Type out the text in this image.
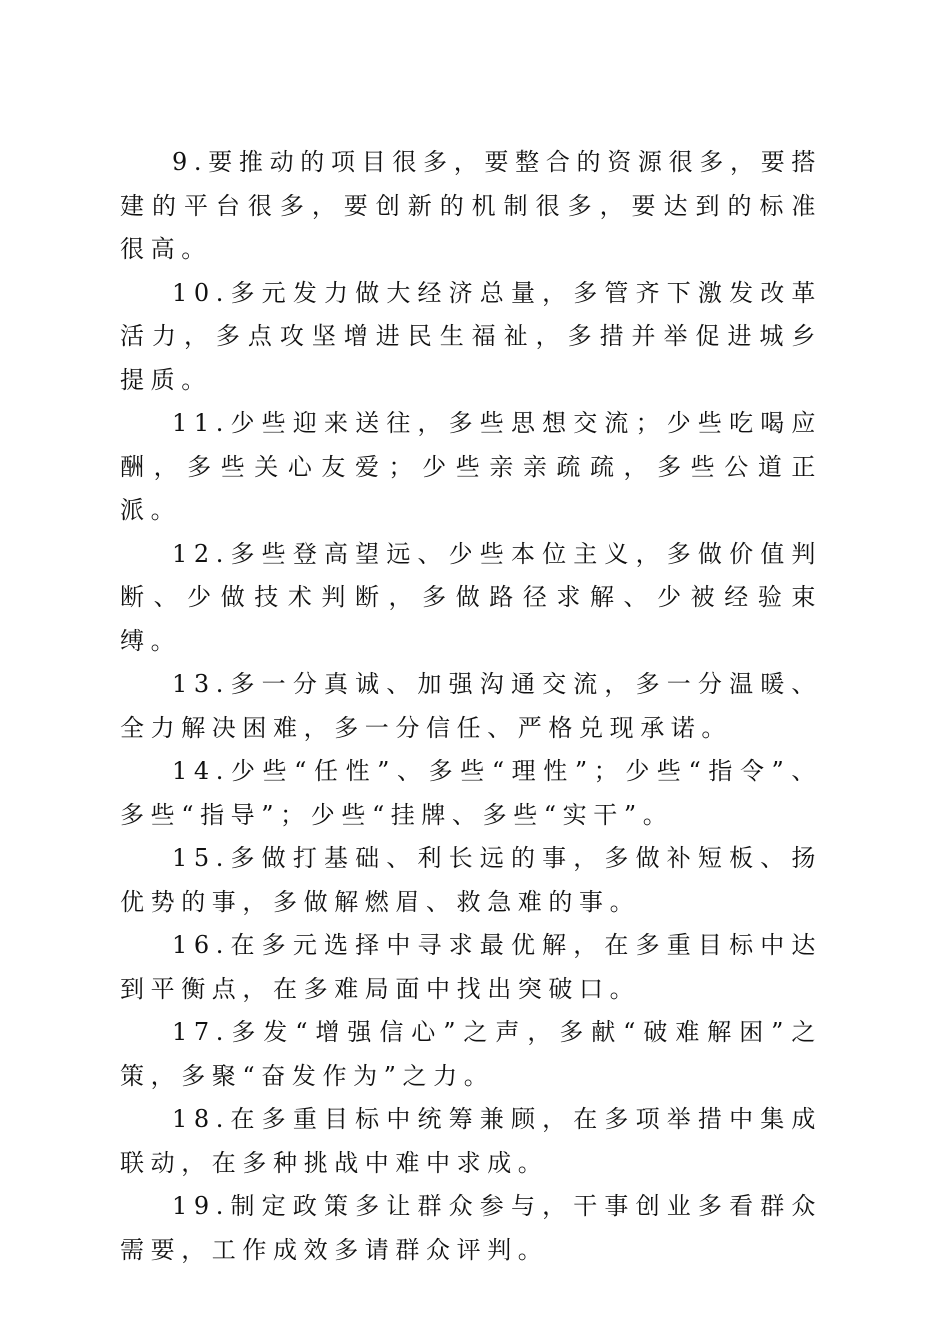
9.要推动的项目很多，要整合的资源很多，要搭建的平台很多，要创新的机制很多，要达到的标准很高。

10.多元发力做大经济总量，多管齐下激发改革活力，多点攻坚增进民生福祉，多措并举促进城乡提质。

11.少些迎来送往，多些思想交流；少些吃喝应酬，多些关心友爱；少些亲亲疏疏，多些公道正派。

12.多些登高望远、少些本位主义，多做价值判断、少做技术判断，多做路径求解、少被经验束缚。

13.多一分真诚、加强沟通交流，多一分温暖、全力解决困难，多一分信任、严格兑现承诺。

14.少些“任性”、多些“理性”；少些“指令”、多些“指导”；少些“挂牌、多些“实干”。

15.多做打基础、利长远的事，多做补短板、扬优势的事，多做解燃眉、救急难的事。

16.在多元选择中寻求最优解，在多重目标中达到平衡点，在多难局面中找出突破口。

17.多发“增强信心”之声，多献“破难解困”之策，多聚“奋发作为”之力。

18.在多重目标中统筹兼顾，在多项举措中集成联动，在多种挑战中难中求成。

19.制定政策多让群众参与，干事创业多看群众需要，工作成效多请群众评判。
